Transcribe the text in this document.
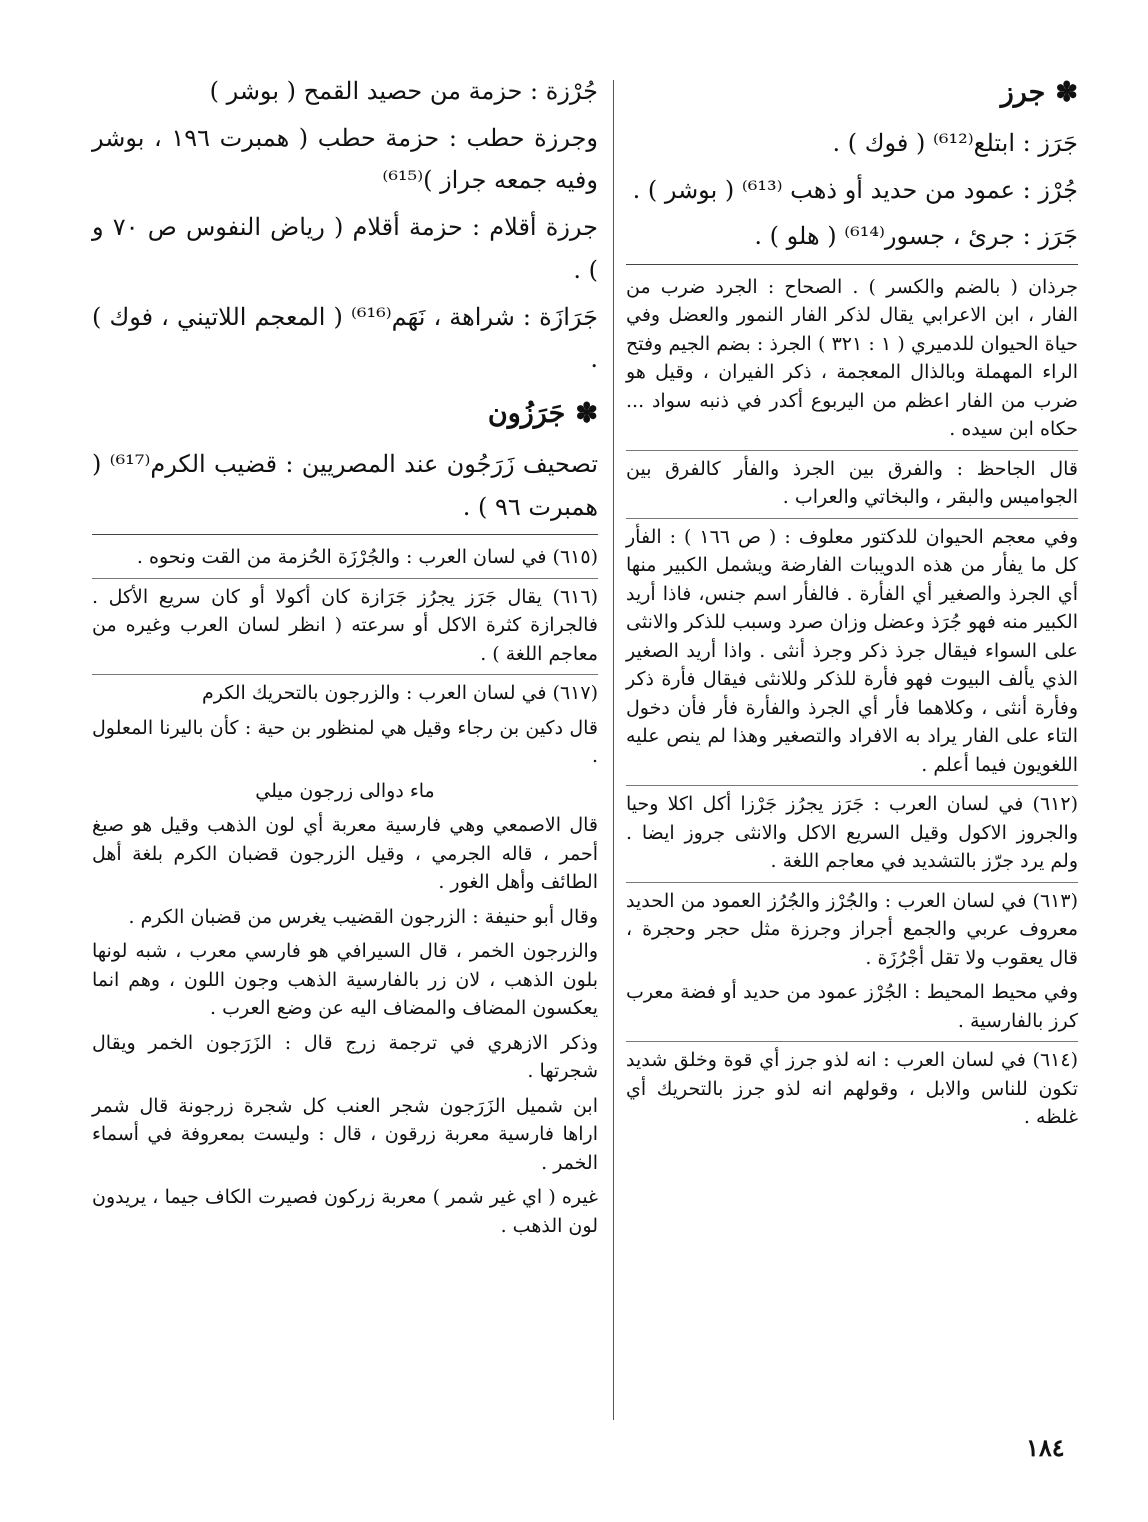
✽جرز
جَرَز : ابتلع⁽⁶¹²⁾ ( فوك ) .
جُرْز : عمود من حديد أو ذهب ⁽⁶¹³⁾ ( بوشر ) .
جَرَز : جرئ ، جسور⁽⁶¹⁴⁾ ( هلو ) .
جرذان ( بالضم والكسر ) . الصحاح : الجرد ضرب من الفار ، ابن الاعرابي يقال لذكر الفار النمور والعضل وفي حياة الحيوان للدميري ( ١ : ٣٢١ ) الجرذ : بضم الجيم وفتح الراء المهملة وبالذال المعجمة ، ذكر الفيران ، وقيل هو ضرب من الفار اعظم من اليربوع أكدر في ذنبه سواد ... حكاه ابن سيده .
قال الجاحظ : والفرق بين الجرذ والفأر كالفرق بين الجواميس والبقر ، والبخاتي والعراب .
وفي معجم الحيوان للدكتور معلوف : ( ص ١٦٦ ) : الفأر كل ما يفأر من هذه الدويبات الفارضة ويشمل الكبير منها أي الجرذ والصغير أي الفأرة . فالفأر اسم جنس، فاذا أريد الكبير منه فهو جُرَذ وعضل وزان صرد وسبب للذكر والانثى على السواء فيقال جرذ ذكر وجرذ أنثى . واذا أريد الصغير الذي يألف البيوت فهو فأرة للذكر وللانثى فيقال فأرة ذكر وفأرة أنثى ، وكلاهما فأر أي الجرذ والفأرة فأر فأن دخول التاء على الفار يراد به الافراد والتصغير وهذا لم ينص عليه اللغويون فيما أعلم .
(٦١٢) في لسان العرب : جَرَز يجرُز جَرْزا أكل اكلا وحيا والجروز الاكول وقيل السريع الاكل والانثى جروز ايضا . ولم يرد جرّز بالتشديد في معاجم اللغة .
(٦١٣) في لسان العرب : والجُرْز والجُرُز العمود من الحديد معروف عربي والجمع أجراز وجرزة مثل حجر وحجرة ، قال يعقوب ولا تقل أجْرُزَة .
وفي محيط المحيط : الجُرْز عمود من حديد أو فضة معرب كرز بالفارسية .
(٦١٤) في لسان العرب : انه لذو جرز أي قوة وخلق شديد تكون للناس والابل ، وقولهم انه لذو جرز بالتحريك أي غلظه .
جُرْزة : حزمة من حصيد القمح ( بوشر )
وجرزة حطب : حزمة حطب ( همبرت ١٩٦ ، بوشر وفيه جمعه جراز )⁽⁶¹⁵⁾
جرزة أقلام : حزمة أقلام ( رياض النفوس ص ٧٠ و ) .
جَرَازَة : شراهة ، نَهَم⁽⁶¹⁶⁾ ( المعجم اللاتيني ، فوك ) .
✽جَرَزُون
تصحيف زَرَجُون عند المصريين : قضيب الكرم⁽⁶¹⁷⁾ ( همبرت ٩٦ ) .
(٦١٥) في لسان العرب : والجُرْزَة الحُزمة من القت ونحوه .
(٦١٦) يقال جَرَز يجرُز جَرَازة كان أكولا أو كان سريع الأكل . فالجرازة كثرة الاكل أو سرعته ( انظر لسان العرب وغيره من معاجم اللغة ) .
(٦١٧) في لسان العرب : والزرجون بالتحريك الكرم
قال دكين بن رجاء وقيل هي لمنظور بن حية : كأن باليرنا المعلول .
ماء دوالى زرجون ميلي
قال الاصمعي وهي فارسية معربة أي لون الذهب وقيل هو صبغ أحمر ، قاله الجرمي ، وقيل الزرجون قضبان الكرم بلغة أهل الطائف وأهل الغور .
وقال أبو حنيفة : الزرجون القضيب يغرس من قضبان الكرم .
والزرجون الخمر ، قال السيرافي هو فارسي معرب ، شبه لونها بلون الذهب ، لان زر بالفارسية الذهب وجون اللون ، وهم انما يعكسون المضاف والمضاف اليه عن وضع العرب .
وذكر الازهري في ترجمة زرج قال : الزَرَجون الخمر ويقال شجرتها .
ابن شميل الزَرَجون شجر العنب كل شجرة زرجونة قال شمر اراها فارسية معربة زرقون ، قال : وليست بمعروفة في أسماء الخمر .
غيره ( اي غير شمر ) معربة زركون فصيرت الكاف جيما ، يريدون لون الذهب .
١٨٤
